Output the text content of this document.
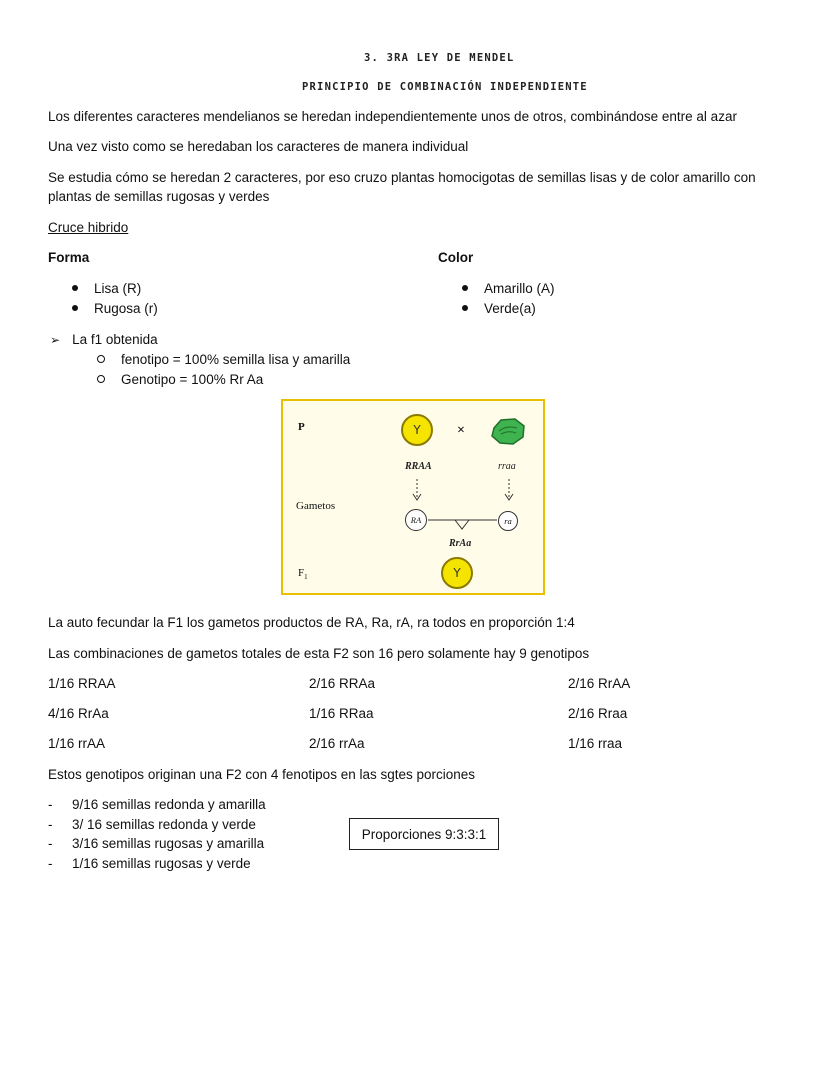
3. 3RA LEY DE MENDEL
PRINCIPIO DE COMBINACIÓN INDEPENDIENTE
Los diferentes caracteres mendelianos se heredan independientemente unos de otros, combinándose entre al azar
Una vez visto como se heredaban los caracteres de manera individual
Se estudia cómo se heredan 2 caracteres, por eso cruzo plantas homocigotas de semillas lisas y de color amarillo con
plantas de semillas rugosas y verdes
Cruce hibrido
Forma	Color
Lisa (R)
Rugosa (r)
Amarillo (A)
Verde(a)
➢ La f1 obtenida
fenotipo = 100% semilla lisa y amarilla
Genotipo = 100% Rr Aa
P
Gametos
$F_1$
Y	×
RRAA	rraa
RA	ra
RrAa
Y
La auto fecundar la F1 los gametos productos de RA, Ra, rA, ra todos en proporción 1:4
Las combinaciones de gametos totales de esta F2 son 16 pero solamente hay 9 genotipos
1/16 RRAA	2/16 RRAa	2/16 RrAA
4/16 RrAa	1/16 RRaa	2/16 Rraa
1/16 rrAA	2/16 rrAa	1/16 rraa
Estos genotipos originan una F2 con 4 fenotipos en las sgtes porciones
- 9/16 semillas redonda y amarilla
- 3/ 16 semillas redonda y verde
- 3/16 semillas rugosas y amarilla
- 1/16 semillas rugosas y verde
Proporciones 9:3:3:1
